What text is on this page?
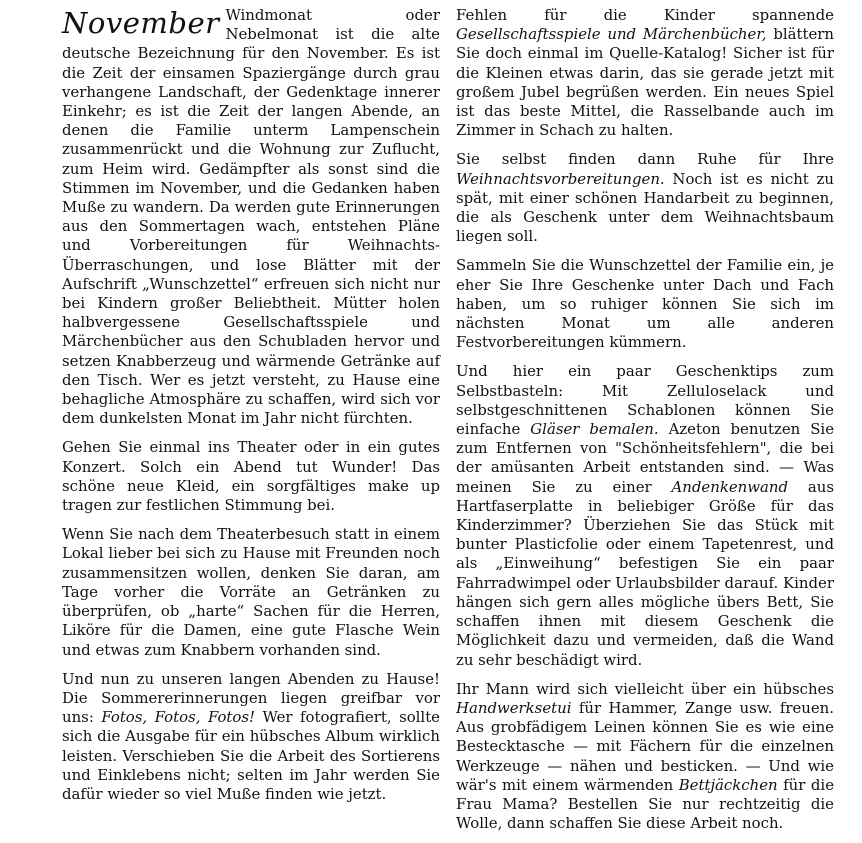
November Windmonat oder Nebelmonat ist die alte deutsche Bezeichnung für den November. Es ist die Zeit der einsamen Spaziergänge durch grau verhangene Landschaft, der Gedenktage innerer Einkehr; es ist die Zeit der langen Abende, an denen die Familie unterm Lampenschein zusammenrückt und die Wohnung zur Zuflucht, zum Heim wird. Gedämpfter als sonst sind die Stimmen im November, und die Gedanken haben Muße zu wandern. Da werden gute Erinnerungen aus den Sommertagen wach, entstehen Pläne und Vorbereitungen für Weihnachts-Überraschungen, und lose Blätter mit der Aufschrift „Wunschzettel“ erfreuen sich nicht nur bei Kindern großer Beliebtheit. Mütter holen halbvergessene Gesellschaftsspiele und Märchenbücher aus den Schubladen hervor und setzen Knabberzeug und wärmende Getränke auf den Tisch. Wer es jetzt versteht, zu Hause eine behagliche Atmosphäre zu schaffen, wird sich vor dem dunkelsten Monat im Jahr nicht fürchten.

Gehen Sie einmal ins Theater oder in ein gutes Konzert. Solch ein Abend tut Wunder! Das schöne neue Kleid, ein sorgfältiges make up tragen zur festlichen Stimmung bei.

Wenn Sie nach dem Theaterbesuch statt in einem Lokal lieber bei sich zu Hause mit Freunden noch zusammensitzen wollen, denken Sie daran, am Tage vorher die Vorräte an Getränken zu überprüfen, ob „harte“ Sachen für die Herren, Liköre für die Damen, eine gute Flasche Wein und etwas zum Knabbern vorhanden sind.

Und nun zu unseren langen Abenden zu Hause! Die Sommererinnerungen liegen greifbar vor uns: Fotos, Fotos, Fotos! Wer fotografiert, sollte sich die Ausgabe für ein hübsches Album wirklich leisten. Verschieben Sie die Arbeit des Sortierens und Einklebens nicht; selten im Jahr werden Sie dafür wieder so viel Muße finden wie jetzt.

Fehlen für die Kinder spannende Gesellschaftsspiele und Märchenbücher, blättern Sie doch einmal im Quelle-Katalog! Sicher ist für die Kleinen etwas darin, das sie gerade jetzt mit großem Jubel begrüßen werden. Ein neues Spiel ist das beste Mittel, die Rasselbande auch im Zimmer in Schach zu halten.

Sie selbst finden dann Ruhe für Ihre Weihnachtsvorbereitungen. Noch ist es nicht zu spät, mit einer schönen Handarbeit zu beginnen, die als Geschenk unter dem Weihnachtsbaum liegen soll.

Sammeln Sie die Wunschzettel der Familie ein, je eher Sie Ihre Geschenke unter Dach und Fach haben, um so ruhiger können Sie sich im nächsten Monat um alle anderen Festvorbereitungen kümmern.

Und hier ein paar Geschenktips zum Selbstbasteln: Mit Zelluloselack und selbstgeschnittenen Schablonen können Sie einfache Gläser bemalen. Azeton benutzen Sie zum Entfernen von "Schönheitsfehlern", die bei der amüsanten Arbeit entstanden sind. — Was meinen Sie zu einer Andenkenwand aus Hartfaserplatte in beliebiger Größe für das Kinderzimmer? Überziehen Sie das Stück mit bunter Plasticfolie oder einem Tapetenrest, und als „Einweihung“ befestigen Sie ein paar Fahrradwimpel oder Urlaubsbilder darauf. Kinder hängen sich gern alles mögliche übers Bett, Sie schaffen ihnen mit diesem Geschenk die Möglichkeit dazu und vermeiden, daß die Wand zu sehr beschädigt wird.

Ihr Mann wird sich vielleicht über ein hübsches Handwerksetui für Hammer, Zange usw. freuen. Aus grobfädigem Leinen können Sie es wie eine Bestecktasche — mit Fächern für die einzelnen Werkzeuge — nähen und besticken. — Und wie wär's mit einem wärmenden Bettjäckchen für die Frau Mama? Bestellen Sie nur rechtzeitig die Wolle, dann schaffen Sie diese Arbeit noch.
